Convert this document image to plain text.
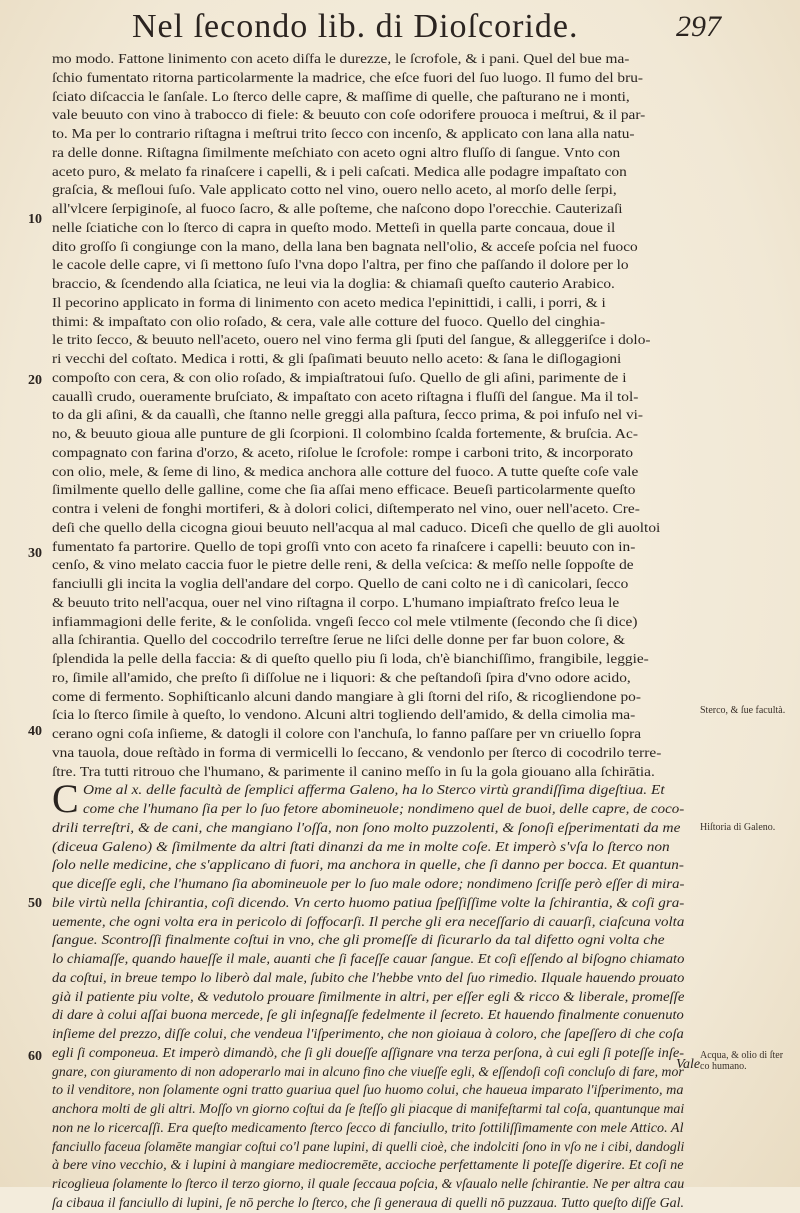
Nel ſecondo lib. di Dioſcoride.	297
mo modo. Fattone linimento con aceto diſfa le durezze, le ſcrofole, & i pani. Quel del bue ma-
ſchio fumentato ritorna particolarmente la madrice, che eſce fuori del ſuo luogo. Il fumo del bru-
ſciato diſcaccia le ſanſale. Lo ſterco delle capre, & maſſime di quelle, che paſturano ne i monti,
vale beuuto con vino à trabocco di fiele: & beuuto con coſe odorifere prouoca i meſtrui, & il par-
to. Ma per lo contrario riſtagna i meſtrui trito ſecco con incenſo, & applicato con lana alla natu-
ra delle donne. Riſtagna ſimilmente meſchiato con aceto ogni altro fluſſo di ſangue. Vnto con
aceto puro, & melato fa rinaſcere i capelli, & i peli caſcati. Medica alle podagre impaſtato con
graſcia, & meſloui ſuſo. Vale applicato cotto nel vino, ouero nello aceto, al morſo delle ſerpi,
all'vlcere ſerpiginoſe, al fuoco ſacro, & alle poſteme, che naſcono dopo l'orecchie. Cauterizaſi
nelle ſciatiche con lo ſterco di capra in queſto modo. Metteſi in quella parte concaua, doue il
dito groſſo ſi congiunge con la mano, della lana ben bagnata nell'olio, & acceſe poſcia nel fuoco
le cacole delle capre, vi ſi mettono ſuſo l'vna dopo l'altra, per fino che paſſando il dolore per lo
braccio, & ſcendendo alla ſciatica, ne leui via la doglia: & chiamaſi queſto cauterio Arabico.
Il pecorino applicato in forma di linimento con aceto medica l'epinittidi, i calli, i porri, & i
thimi: & impaſtato con olio roſado, & cera, vale alle cotture del fuoco. Quello del cinghia-
le trito ſecco, & beuuto nell'aceto, ouero nel vino ferma gli ſputi del ſangue, & alleggeriſce i dolo-
ri vecchi del coſtato. Medica i rotti, & gli ſpaſimati beuuto nello aceto: & ſana le diſlogagioni
compoſto con cera, & con olio roſado, & impiaſtratoui ſuſo. Quello de gli aſini, parimente de i
cauallì crudo, oueramente bruſciato, & impaſtato con aceto riſtagna i fluſſi del ſangue. Ma il tol-
to da gli aſini, & da cauallì, che ſtanno nelle greggi alla paſtura, ſecco prima, & poi infuſo nel vi-
no, & beuuto gioua alle punture de gli ſcorpioni. Il colombino ſcalda fortemente, & bruſcia. Ac-
compagnato con farina d'orzo, & aceto, riſolue le ſcrofole: rompe i carboni trito, & incorporato
con olio, mele, & ſeme di lino, & medica anchora alle cotture del fuoco. A tutte queſte coſe vale
ſimilmente quello delle galline, come che ſia aſſai meno efficace. Beueſi particolarmente queſto
contra i veleni de fonghi mortiferi, & à dolori colici, diſtemperato nel vino, ouer nell'aceto. Cre-
deſi che quello della cicogna gioui beuuto nell'acqua al mal caduco. Diceſi che quello de gli auoltoi
fumentato fa partorire. Quello de topi groſſi vnto con aceto fa rinaſcere i capelli: beuuto con in-
cenſo, & vino melato caccia fuor le pietre delle reni, & della veſcica: & meſſo nelle ſoppoſte de
fanciulli gli incita la voglia dell'andare del corpo. Quello de cani colto ne i dì canicolari, ſecco
& beuuto trito nell'acqua, ouer nel vino riſtagna il corpo. L'humano impiaſtrato freſco leua le
infiammagioni delle ferite, & le conſolida. vngeſi ſecco col mele vtilmente (ſecondo che ſi dice)
alla ſchirantia. Quello del coccodrilo terreſtre ſerue ne liſci delle donne per far buon colore, &
ſplendida la pelle della faccia: & di queſto quello piu ſi loda, ch'è bianchiſſimo, frangibile, leggie-
ro, ſimile all'amido, che preſto ſi diſſolue ne i liquori: & che peſtandoſi ſpira d'vno odore acido,
come di fermento. Sophiſticanlo alcuni dando mangiare à gli ſtorni del riſo, & ricogliendone po-
ſcia lo ſterco ſimile à queſto, lo vendono. Alcuni altri togliendo dell'amido, & della cimolia ma-
cerano ogni coſa inſieme, & datogli il colore con l'anchuſa, lo fanno paſſare per vn criuello ſopra
vna tauola, doue reſtàdo in forma di vermicelli lo ſeccano, & vendonlo per ſterco di cocodrilo terre-
ſtre. Tra tutti ritrouo che l'humano, & parimente il canino meſſo in ſu la gola giouano alla ſchirātia.
C Ome al x. delle facultà de ſemplici afferma Galeno, ha lo Sterco virtù grandiſſima digeſtiua. Et
come che l'humano ſia per lo ſuo fetore abomineuole; nondimeno quel de buoi, delle capre, de coco-
drili terreſtri, & de cani, che mangiano l'oſſa, non ſono molto puzzolenti, & ſonoſi eſperimentati da me
(diceua Galeno) & ſimilmente da altri ſtati dinanzi da me in molte coſe. Et imperò s'vſa lo ſterco non
ſolo nelle medicine, che s'applicano di fuori, ma anchora in quelle, che ſi danno per bocca. Et quantun-
que diceſſe egli, che l'humano ſia abomineuole per lo ſuo male odore; nondimeno ſcriſſe però eſſer di mira-
bile virtù nella ſchirantia, coſi dicendo. Vn certo huomo patiua ſpeſſiſſime volte la ſchirantia, & coſi gra-
uemente, che ogni volta era in pericolo di ſoffocarſi. Il perche gli era neceſſario di cauarſi, ciaſcuna volta
ſangue. Scontroſſi finalmente coſtui in vno, che gli promeſſe di ſicurarlo da tal difetto ogni volta che
lo chiamaſſe, quando haueſſe il male, auanti che ſi faceſſe cauar ſangue. Et coſi eſſendo al biſogno chiamato
da coſtui, in breue tempo lo liberò dal male, ſubito che l'hebbe vnto del ſuo rimedio. Ilquale hauendo prouato
già il patiente piu volte, & vedutolo prouare ſimilmente in altri, per eſſer egli & ricco & liberale, promeſſe
di dare à colui aſſai buona mercede, ſe gli inſegnaſſe fedelmente il ſecreto. Et hauendo finalmente conuenuto
inſieme del prezzo, diſſe colui, che vendeua l'iſperimento, che non gioiaua à coloro, che ſapeſſero di che coſa
egli ſi componeua. Et imperò dimandò, che ſi gli doueſſe aſſignare vna terza perſona, à cui egli ſi poteſſe inſe-
gnare, con giuramento di non adoperarlo mai in alcuno fino che viueſſe egli, & eſſendoſi coſi concluſo di fare, mor
to il venditore, non ſolamente ogni tratto guariua quel ſuo huomo colui, che haueua imparato l'iſperimento, ma
anchora molti de gli altri. Moſſo vn giorno coſtui da ſe ſteſſo gli piacque di manifeſtarmi tal coſa, quantunque mai
non ne lo ricercaſſi. Era queſto medicamento ſterco ſecco di fanciullo, trito ſottiliſſimamente con mele Attico. Al
fanciullo faceua ſolamēte mangiar coſtui co'l pane lupini, di quelli cioè, che indolciti ſono in vſo ne i cibi, dandogli
à bere vino vecchio, & i lupini à mangiare mediocremēte, accioche perfettamente li poteſſe digerire. Et coſi ne
ricoglieua ſolamente lo ſterco il terzo giorno, il quale ſeccaua poſcia, & vſaualo nelle ſchirantie. Ne per altra cau
ſa cibaua il fanciullo di lupini, ſe nō perche lo ſterco, che ſi generaua di quelli nō puzzaua. Tutto queſto diſſe Gal.
10
20
30
40
50
60
Sterco, & ſue facultà.
Hiſtoria di Galeno.
Acqua, & olio di ſter co humano.
Vale
